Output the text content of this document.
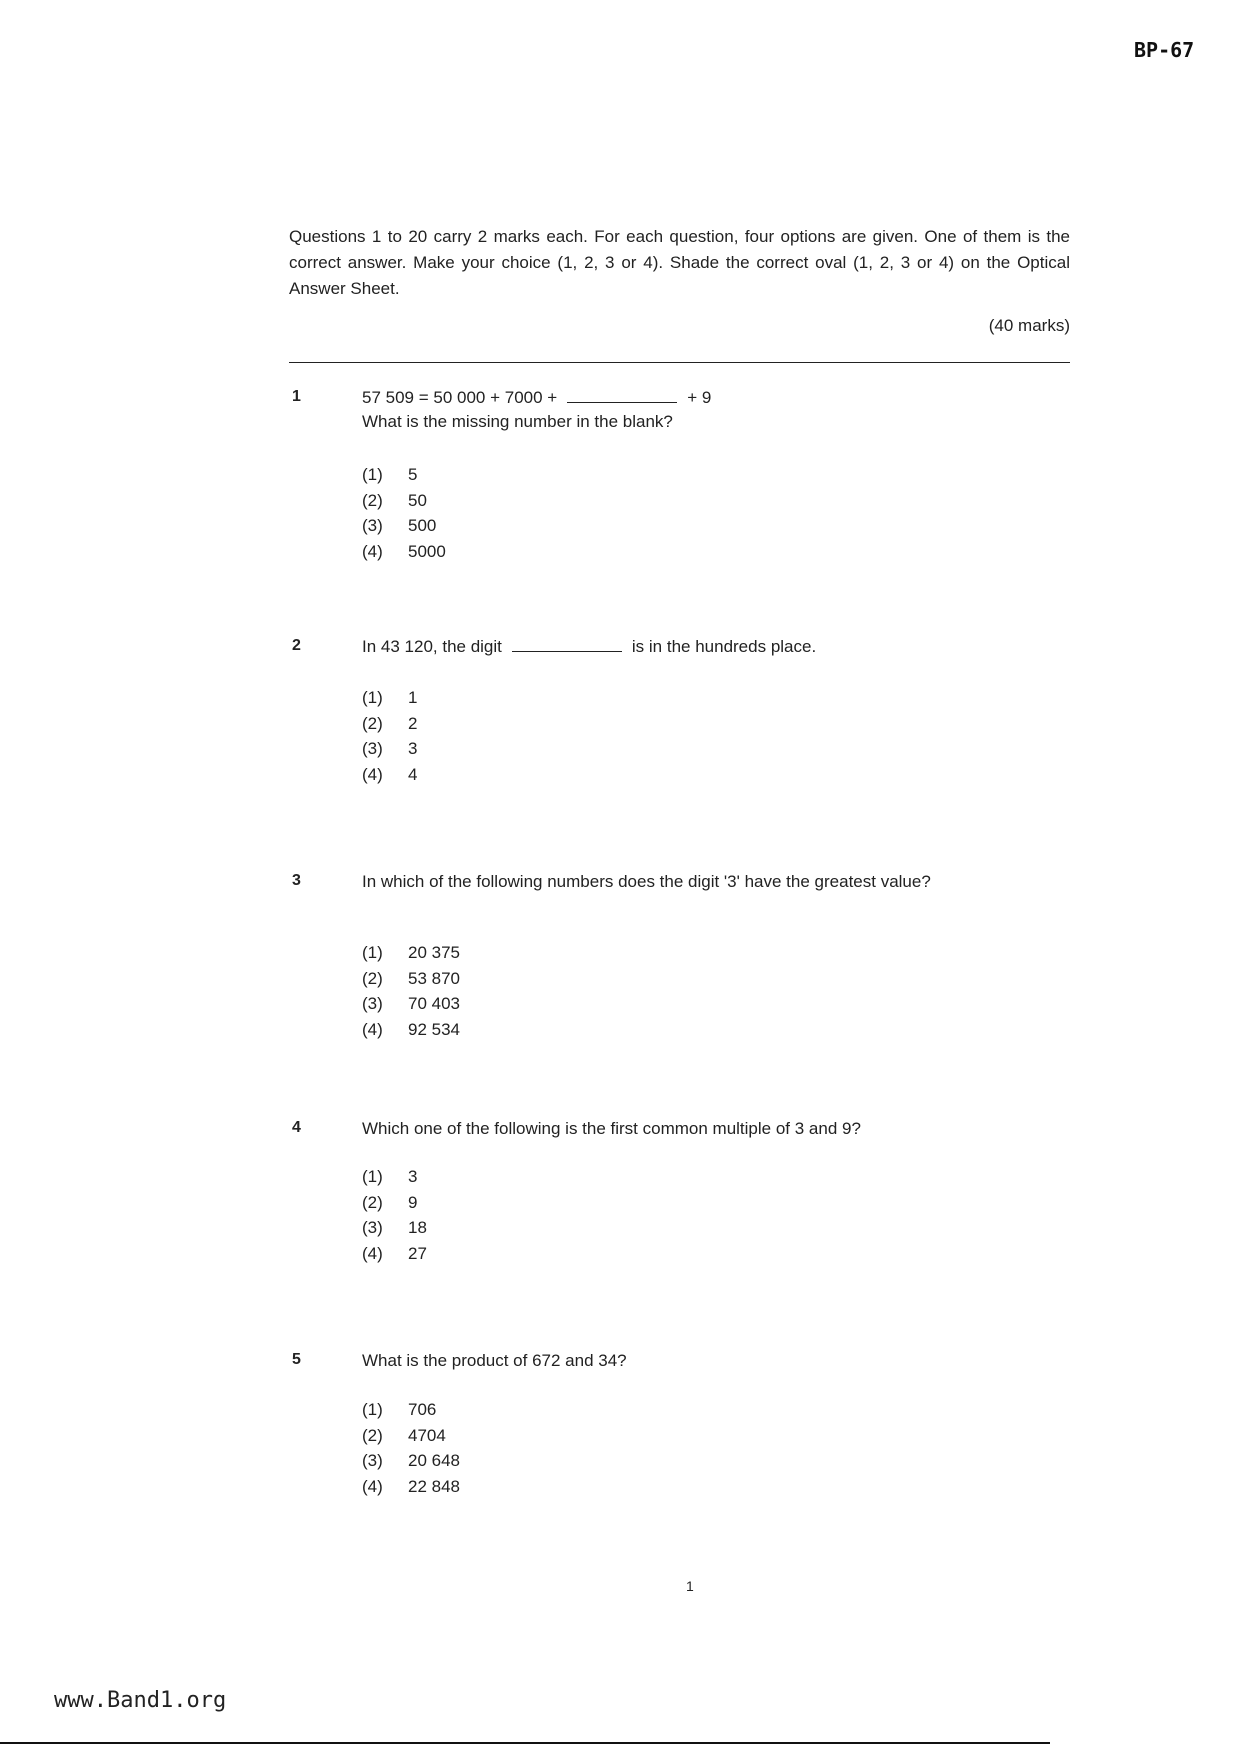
BP-67
Questions 1 to 20 carry 2 marks each. For each question, four options are given. One of them is the correct answer. Make your choice (1, 2, 3 or 4). Shade the correct oval (1, 2, 3 or 4) on the Optical Answer Sheet.
(40 marks)
1	57 509 = 50 000 + 7000 +	+ 9
What is the missing number in the blank?
(1)	5
(2)	50
(3)	500
(4)	5000
2	In 43 120, the digit	is in the hundreds place.
(1)	1
(2)	2
(3)	3
(4)	4
3	In which of the following numbers does the digit '3' have the greatest value?
(1)	20 375
(2)	53 870
(3)	70 403
(4)	92 534
4	Which one of the following is the first common multiple of 3 and 9?
(1)	3
(2)	9
(3)	18
(4)	27
5	What is the product of 672 and 34?
(1)	706
(2)	4704
(3)	20 648
(4)	22 848
1
www.Band1.org
